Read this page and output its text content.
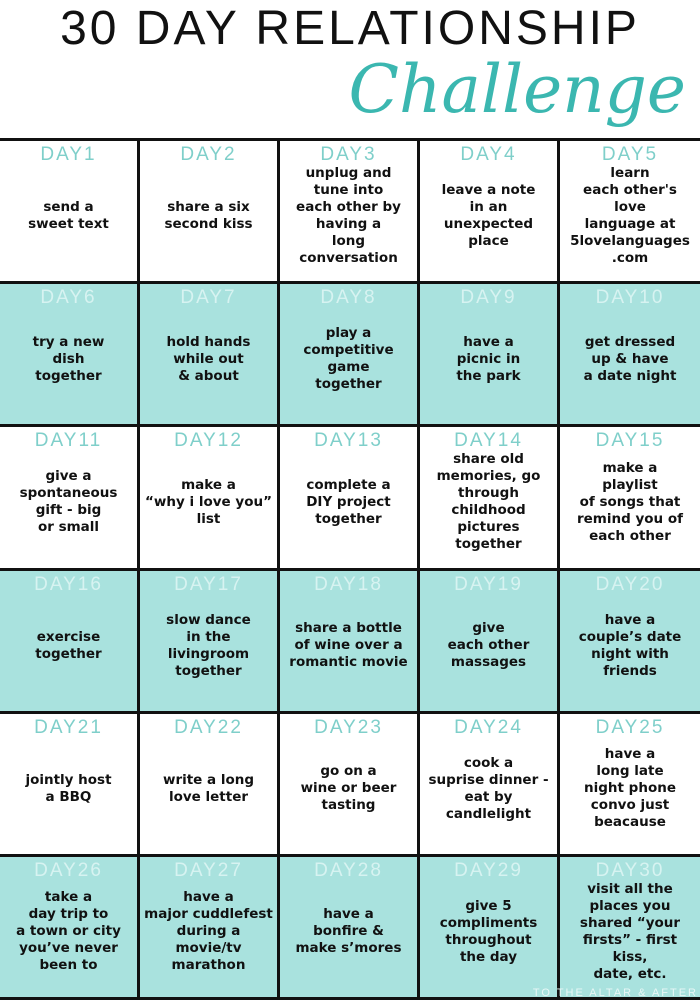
30 DAY RELATIONSHIP
Challenge
DAY1
send a
sweet text
DAY2
share a six
second kiss
DAY3
unplug and
tune into
each other by
having a
long
conversation
DAY4
leave a note
in an
unexpected
place
DAY5
learn
each other's
love
language at
5lovelanguages
.com
DAY6
try a new
dish
together
DAY7
hold hands
while out
& about
DAY8
play a
competitive
game
together
DAY9
have a
picnic in
the park
DAY10
get dressed
up & have
a date night
DAY11
give a
spontaneous
gift - big
or small
DAY12
make a
“why i love you”
list
DAY13
complete a
DIY project
together
DAY14
share old
memories, go
through
childhood
pictures
together
DAY15
make a
playlist
of songs that
remind you of
each other
DAY16
exercise
together
DAY17
slow dance
in the livingroom
together
DAY18
share a bottle
of wine over a
romantic movie
DAY19
give
each other
massages
DAY20
have a
couple’s date
night with
friends
DAY21
jointly host
a BBQ
DAY22
write a long
love letter
DAY23
go on a
wine or beer
tasting
DAY24
cook a
suprise dinner -
eat by
candlelight
DAY25
have a
long late
night phone
convo just
beacause
DAY26
take a
day trip to
a town or city
you’ve never
been to
DAY27
have a
major cuddlefest
during a movie/tv
marathon
DAY28
have a
bonfire &
make s’mores
DAY29
give 5
compliments
throughout
the day
DAY30
visit all the
places you
shared “your
firsts” - first kiss,
date, etc.
TO THE ALTAR & AFTER
